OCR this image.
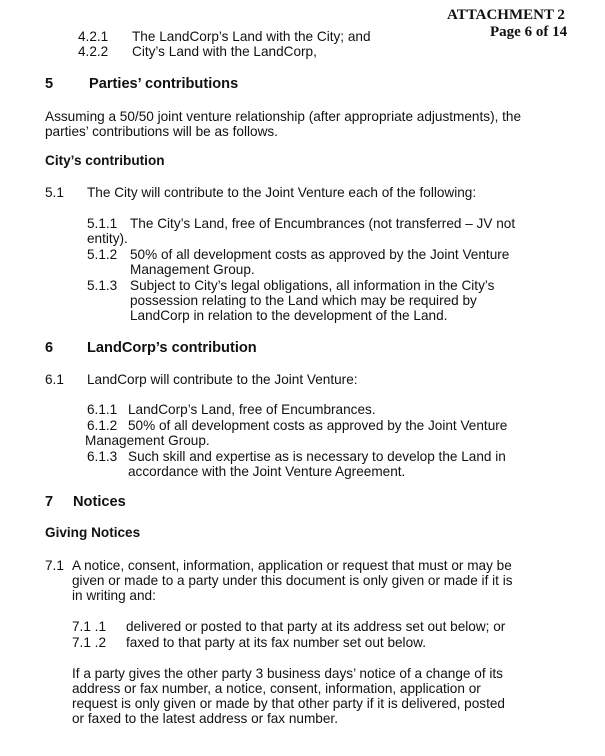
ATTACHMENT 2
Page 6 of 14
4.2.1 The LandCorp’s Land with the City; and
4.2.2 City’s Land with the LandCorp,
5 Parties’ contributions
Assuming a 50/50 joint venture relationship (after appropriate adjustments), the
parties’ contributions will be as follows.
City’s contribution
5.1 The City will contribute to the Joint Venture each of the following:
5.1.1 The City’s Land, free of Encumbrances (not transferred – JV not
entity).
5.1.2 50% of all development costs as approved by the Joint Venture
Management Group.
5.1.3 Subject to City’s legal obligations, all information in the City’s
possession relating to the Land which may be required by
LandCorp in relation to the development of the Land.
6 LandCorp’s contribution
6.1 LandCorp will contribute to the Joint Venture:
6.1.1 LandCorp’s Land, free of Encumbrances.
6.1.2 50% of all development costs as approved by the Joint Venture
Management Group.
6.1.3 Such skill and expertise as is necessary to develop the Land in
accordance with the Joint Venture Agreement.
7 Notices
Giving Notices
7.1 A notice, consent, information, application or request that must or may be
given or made to a party under this document is only given or made if it is
in writing and:
7.1 .1 delivered or posted to that party at its address set out below; or
7.1 .2 faxed to that party at its fax number set out below.
If a party gives the other party 3 business days’ notice of a change of its
address or fax number, a notice, consent, information, application or
request is only given or made by that other party if it is delivered, posted
or faxed to the latest address or fax number.
